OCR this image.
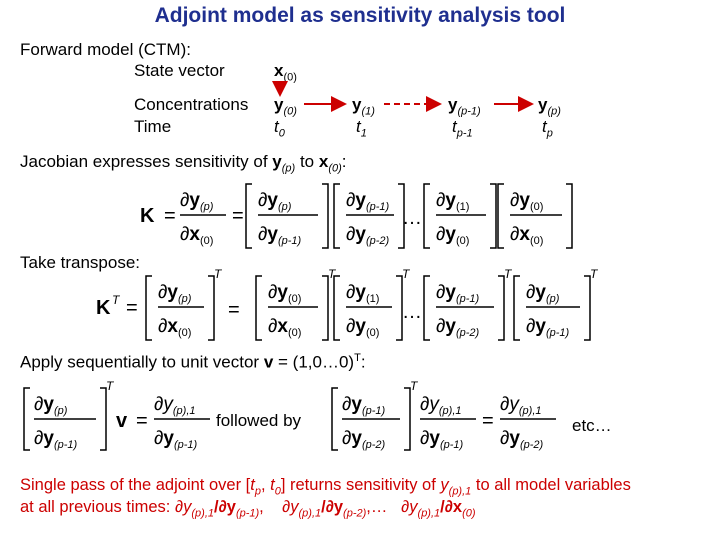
Adjoint model as sensitivity analysis tool
Forward model (CTM):
State vector	$x_{(0)}$
Concentrations
Time
$y_{(0)}$
$t_0$
$y_{(1)}$
$t_1$
$y_{(p-1)}$
$t_{p-1}$
$y_{(p)}$
$t_p$
Jacobian expresses sensitivity of $y_{(p)}$ to $x_{(0)}$:
K =
$\partial y_{(p)}$
$\partial x_{(0)}$
=
$\partial y_{(p)}$
$\partial y_{(p-1)}$
$\partial y_{(p-1)}$
$\partial y_{(p-2)}$
…
$\partial y_{(1)}$
$\partial y_{(0)}$
$\partial y_{(0)}$
$\partial x_{(0)}$
Take transpose:
K T =
$\partial y_{(p)}$
$\partial x_{(0)}$
T
=
$\partial y_{(0)}$
$\partial x_{(0)}$
T
$\partial y_{(1)}$
$\partial y_{(0)}$
T
…
$\partial y_{(p-1)}$
$\partial y_{(p-2)}$
T
$\partial y_{(p)}$
$\partial y_{(p-1)}$
T
Apply sequentially to unit vector v = (1,0…0)$^T$:
$\partial y_{(p)}$
$\partial y_{(p-1)}$
T
v =
$\partial y_{(p),1}$
$\partial y_{(p-1)}$
$\partial y_{(p-1)}$
$\partial y_{(p-2)}$
T
$\partial y_{(p),1}$
$\partial y_{(p-1)}$
=
$\partial y_{(p),1}$
$\partial y_{(p-2)}$
followed by	etc…
Single pass of the adjoint over [$t_p$, $t_0$] returns sensitivity of $y_{(p),1}$ to all model variables
at all previous times: $\partial y_{(p),1}/\partial y_{(p-1)}$,    $\partial y_{(p),1}/\partial y_{(p-2)},\dots$   $\partial y_{(p),1}/\partial x_{(0)}$
